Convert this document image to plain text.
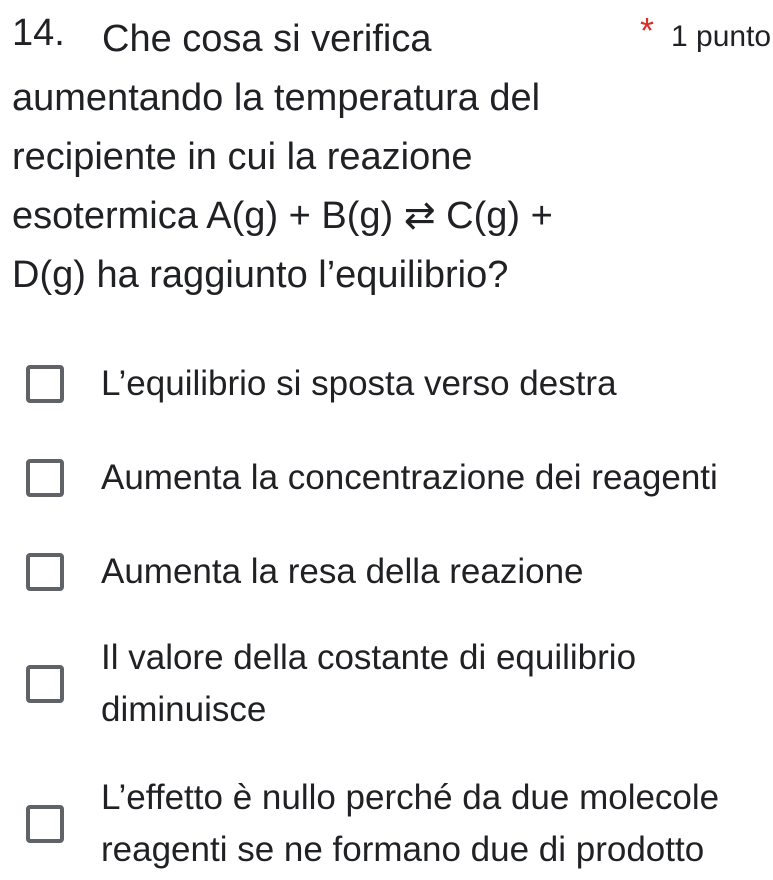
14. Che cosa si verifica aumentando la temperatura del recipiente in cui la reazione esotermica A(g) + B(g) ⇄ C(g) + D(g) ha raggiunto l’equilibrio?
* 1 punto
L’equilibrio si sposta verso destra
Aumenta la concentrazione dei reagenti
Aumenta la resa della reazione
Il valore della costante di equilibrio diminuisce
L’effetto è nullo perché da due molecole reagenti se ne formano due di prodotto
